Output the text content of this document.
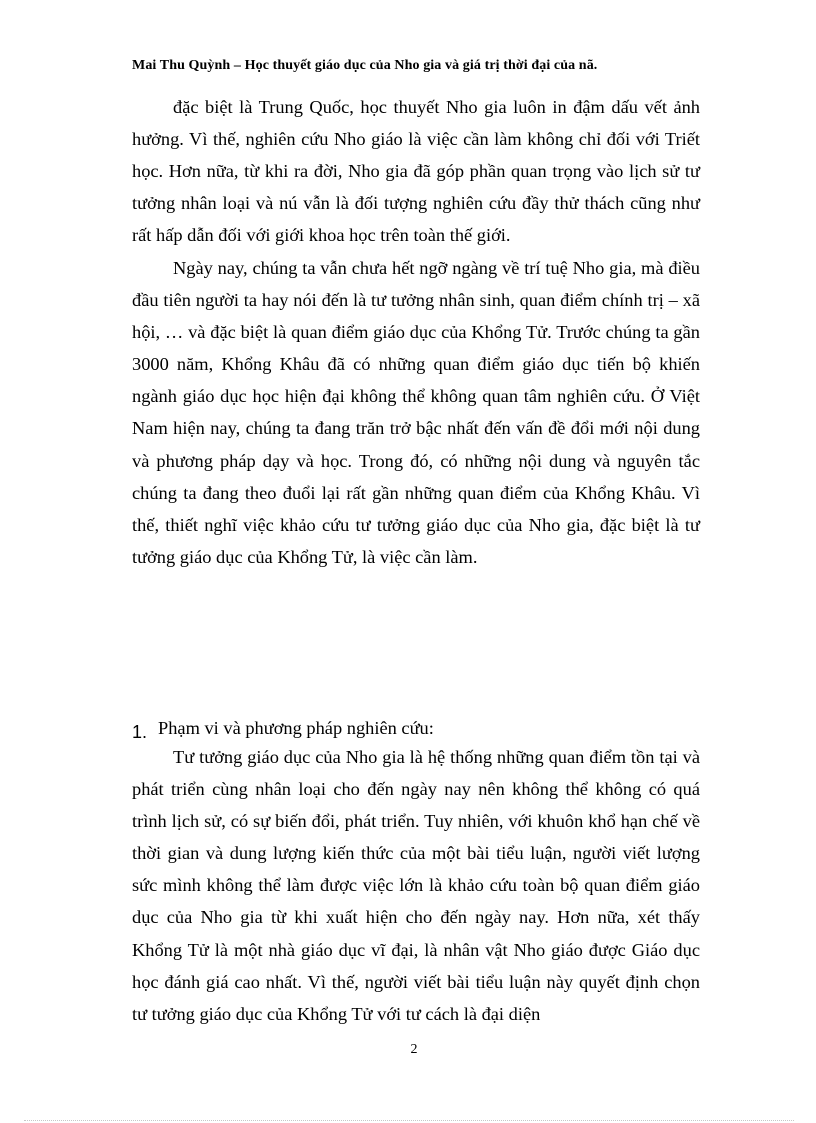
Mai Thu Quỳnh – Học thuyết giáo dục của Nho gia và giá trị thời đại của nã.

đặc biệt là Trung Quốc, học thuyết Nho gia luôn in đậm dấu vết ảnh hưởng. Vì thế, nghiên cứu Nho giáo là việc cần làm không chỉ đối với Triết học. Hơn nữa, từ khi ra đời, Nho gia đã góp phần quan trọng vào lịch sử tư tưởng nhân loại và nú vẫn là đối tượng nghiên cứu đầy thử thách cũng như rất hấp dẫn đối với giới khoa học trên toàn thế giới.

Ngày nay, chúng ta vẫn chưa hết ngỡ ngàng về trí tuệ Nho gia, mà điều đầu tiên người ta hay nói đến là tư tưởng nhân sinh, quan điểm chính trị – xã hội, … và đặc biệt là quan điểm giáo dục của Khổng Tử. Trước chúng ta gần 3000 năm, Khổng Khâu đã có những quan điểm giáo dục tiến bộ khiến ngành giáo dục học hiện đại không thể không quan tâm nghiên cứu. Ở Việt Nam hiện nay, chúng ta đang trăn trở bậc nhất đến vấn đề đổi mới nội dung và phương pháp dạy và học. Trong đó, có những nội dung và nguyên tắc chúng ta đang theo đuổi lại rất gần những quan điểm của Khổng Khâu. Vì thế, thiết nghĩ việc khảo cứu tư tưởng giáo dục của Nho gia, đặc biệt là tư tưởng giáo dục của Khổng Tử, là việc cần làm.

1. Phạm vi và phương pháp nghiên cứu:

Tư tưởng giáo dục của Nho gia là hệ thống những quan điểm tồn tại và phát triển cùng nhân loại cho đến ngày nay nên không thể không có quá trình lịch sử, có sự biến đổi, phát triển. Tuy nhiên, với khuôn khổ hạn chế về thời gian và dung lượng kiến thức của một bài tiểu luận, người viết lượng sức mình không thể làm được việc lớn là khảo cứu toàn bộ quan điểm giáo dục của Nho gia từ khi xuất hiện cho đến ngày nay. Hơn nữa, xét thấy Khổng Tử là một nhà giáo dục vĩ đại, là nhân vật Nho giáo được Giáo dục học đánh giá cao nhất. Vì thế, người viết bài tiểu luận này quyết định chọn tư tưởng giáo dục của Khổng Tử với tư cách là đại diện

2
